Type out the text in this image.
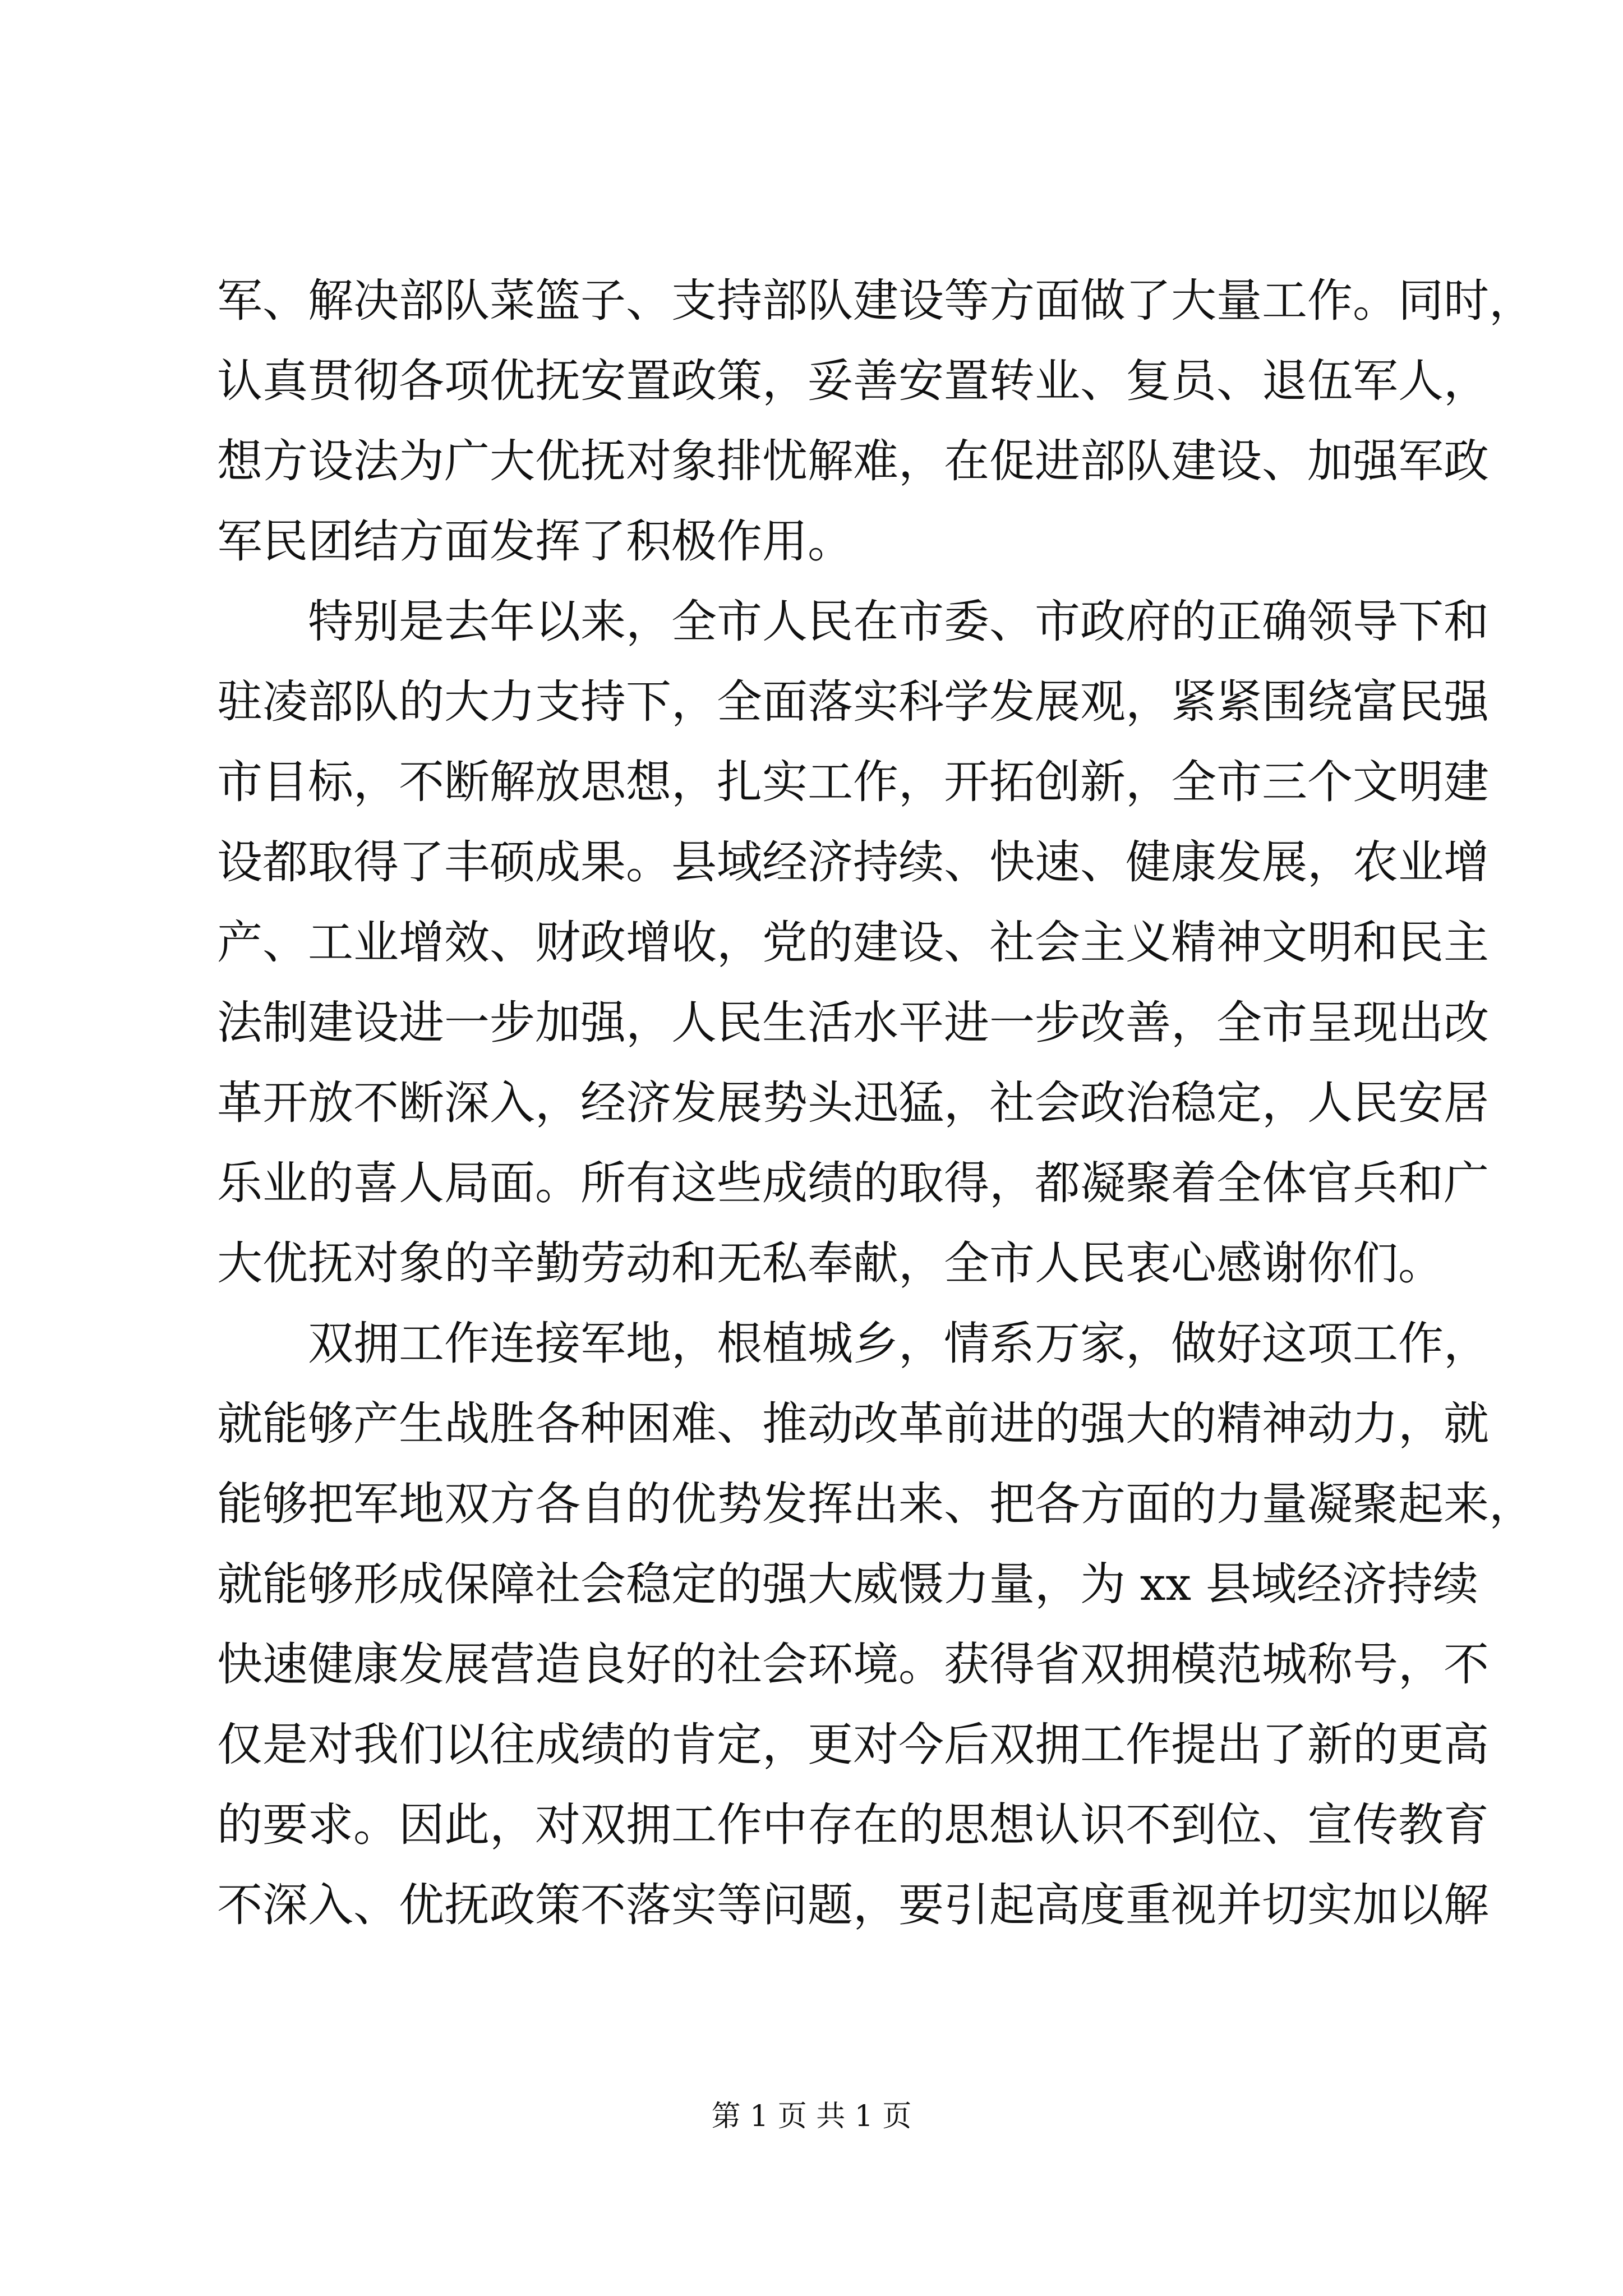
军、解决部队菜篮子、支持部队建设等方面做了大量工作。同时，
认真贯彻各项优抚安置政策，妥善安置转业、复员、退伍军人，
想方设法为广大优抚对象排忧解难，在促进部队建设、加强军政
军民团结方面发挥了积极作用。
特别是去年以来，全市人民在市委、市政府的正确领导下和
驻凌部队的大力支持下，全面落实科学发展观，紧紧围绕富民强
市目标，不断解放思想，扎实工作，开拓创新，全市三个文明建
设都取得了丰硕成果。县域经济持续、快速、健康发展，农业增
产、工业增效、财政增收，党的建设、社会主义精神文明和民主
法制建设进一步加强，人民生活水平进一步改善，全市呈现出改
革开放不断深入，经济发展势头迅猛，社会政治稳定，人民安居
乐业的喜人局面。所有这些成绩的取得，都凝聚着全体官兵和广
大优抚对象的辛勤劳动和无私奉献，全市人民衷心感谢你们。
双拥工作连接军地，根植城乡，情系万家，做好这项工作，
就能够产生战胜各种困难、推动改革前进的强大的精神动力，就
能够把军地双方各自的优势发挥出来、把各方面的力量凝聚起来，
就能够形成保障社会稳定的强大威慑力量，为 xx 县域经济持续
快速健康发展营造良好的社会环境。获得省双拥模范城称号，不
仅是对我们以往成绩的肯定，更对今后双拥工作提出了新的更高
的要求。因此，对双拥工作中存在的思想认识不到位、宣传教育
不深入、优抚政策不落实等问题，要引起高度重视并切实加以解
第 1 页 共 1 页
